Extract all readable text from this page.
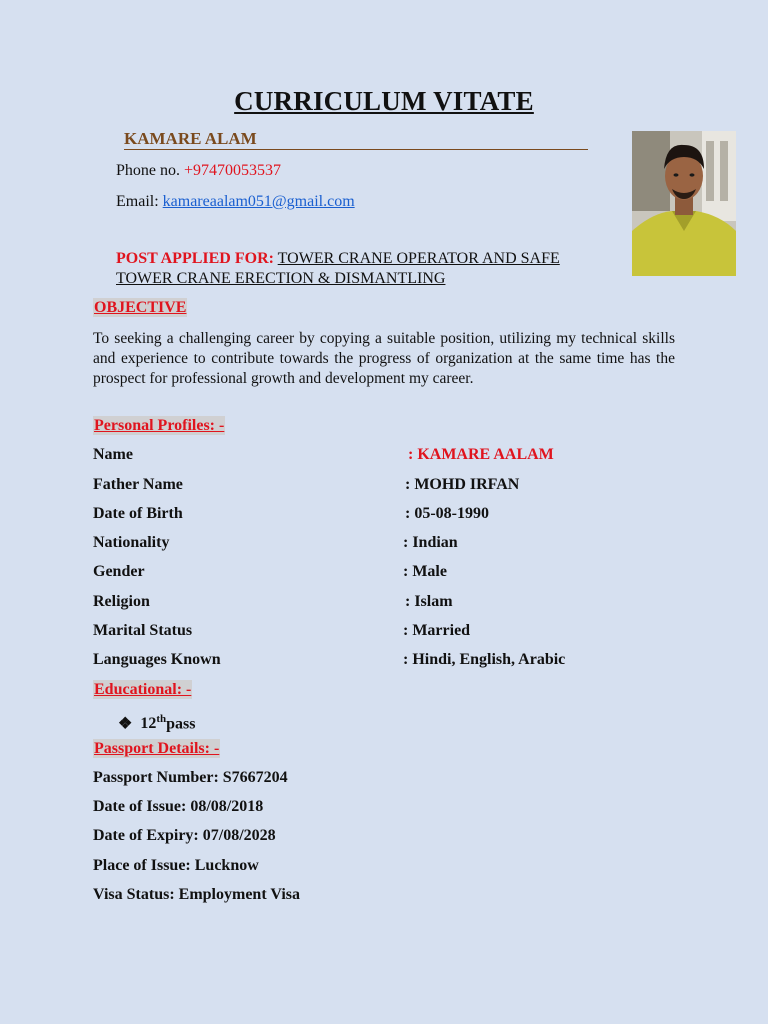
CURRICULUM VITATE
KAMARE ALAM
Phone no. +97470053537
Email: kamareaalam051@gmail.com
POST APPLIED FOR: TOWER CRANE OPERATOR AND SAFE
TOWER CRANE ERECTION & DISMANTLING
OBJECTIVE
To seeking a challenging career by copying a suitable position, utilizing my technical skills and experience to contribute towards the progress of organization at the same time has the prospect for professional growth and development my career.
Personal Profiles: -
Name	: KAMARE AALAM
Father Name	: MOHD IRFAN
Date of Birth	: 05-08-1990
Nationality	: Indian
Gender	: Male
Religion	: Islam
Marital Status	: Married
Languages Known	: Hindi, English, Arabic
Educational: -
❖ 12thpass
Passport Details: -
Passport Number: S7667204
Date of Issue: 08/08/2018
Date of Expiry: 07/08/2028
Place of Issue: Lucknow
Visa Status: Employment Visa
